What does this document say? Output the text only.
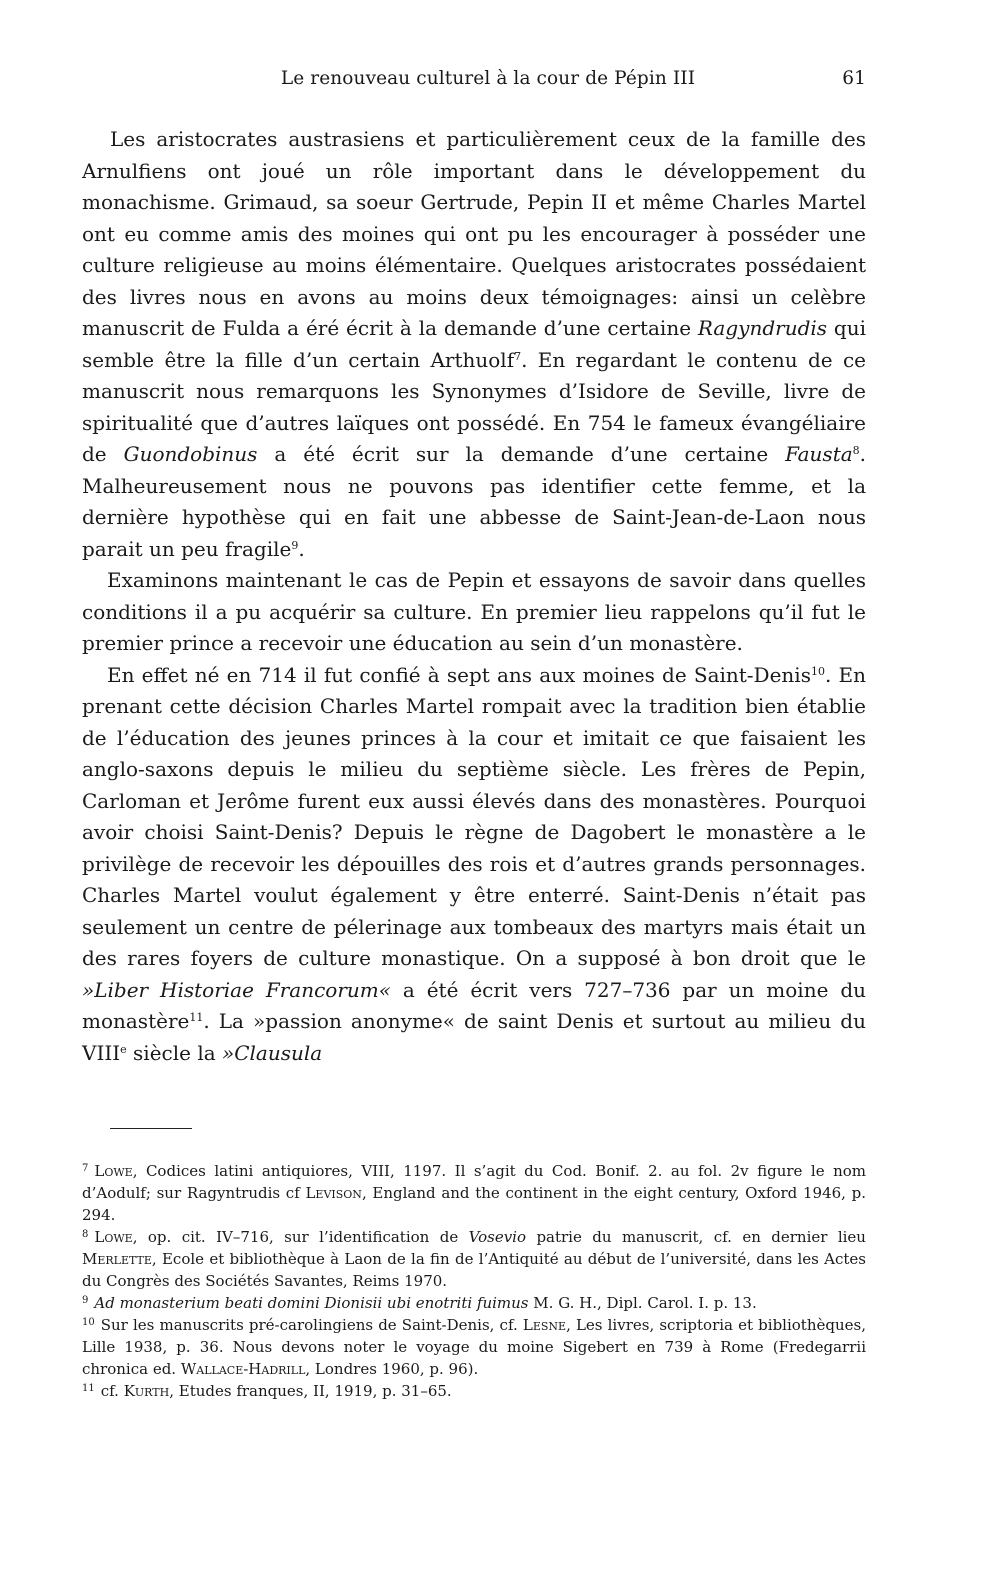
Le renouveau culturel à la cour de Pépin III	61

Les aristocrates austrasiens et particulièrement ceux de la famille des Arnulfiens ont joué un rôle important dans le développement du monachisme. Grimaud, sa soeur Gertrude, Pepin II et même Charles Martel ont eu comme amis des moines qui ont pu les encourager à posséder une culture religieuse au moins élémentaire. Quelques aristocrates possédaient des livres nous en avons au moins deux témoignages: ainsi un celèbre manuscrit de Fulda a éré écrit à la demande d’une certaine Ragyndrudis qui semble être la fille d’un certain Arthuolf$^7$. En regardant le contenu de ce manuscrit nous remarquons les Synonymes d’Isidore de Seville, livre de spiritualité que d’autres laïques ont possédé. En 754 le fameux évangéliaire de Guondobinus a été écrit sur la demande d’une certaine Fausta$^8$. Malheureusement nous ne pouvons pas identifier cette femme, et la dernière hypothèse qui en fait une abbesse de Saint-Jean-de-Laon nous parait un peu fragile$^9$.

Examinons maintenant le cas de Pepin et essayons de savoir dans quelles conditions il a pu acquérir sa culture. En premier lieu rappelons qu’il fut le premier prince a recevoir une éducation au sein d’un monastère.

En effet né en 714 il fut confié à sept ans aux moines de Saint-Denis$^{10}$. En prenant cette décision Charles Martel rompait avec la tradition bien établie de l’éducation des jeunes princes à la cour et imitait ce que faisaient les anglo-saxons depuis le milieu du septième siècle. Les frères de Pepin, Carloman et Jerôme furent eux aussi élevés dans des monastères. Pourquoi avoir choisi Saint-Denis? Depuis le règne de Dagobert le monastère a le privilège de recevoir les dépouilles des rois et d’autres grands personnages. Charles Martel voulut également y être enterré. Saint-Denis n’était pas seulement un centre de pélerinage aux tombeaux des martyrs mais était un des rares foyers de culture monastique. On a supposé à bon droit que le »Liber Historiae Francorum« a été écrit vers 727–736 par un moine du monastère$^{11}$. La »passion anonyme« de saint Denis et surtout au milieu du VIIIe siècle la »Clausula

$^7$ Lowe, Codices latini antiquiores, VIII, 1197. Il s’agit du Cod. Bonif. 2. au fol. 2v figure le nom d’Aodulf; sur Ragyntrudis cf Levison, England and the continent in the eight century, Oxford 1946, p. 294.

$^8$ Lowe, op. cit. IV–716, sur l’identification de Vosevio patrie du manuscrit, cf. en dernier lieu Merlette, Ecole et bibliothèque à Laon de la fin de l’Antiquité au début de l’université, dans les Actes du Congrès des Sociétés Savantes, Reims 1970.

$^9$ Ad monasterium beati domini Dionisii ubi enotriti fuimus M. G. H., Dipl. Carol. I. p. 13.

$^{10}$ Sur les manuscrits pré-carolingiens de Saint-Denis, cf. Lesne, Les livres, scriptoria et bibliothèques, Lille 1938, p. 36. Nous devons noter le voyage du moine Sigebert en 739 à Rome (Fredegarrii chronica ed. Wallace-Hadrill, Londres 1960, p. 96).

$^{11}$ cf. Kurth, Etudes franques, II, 1919, p. 31–65.
